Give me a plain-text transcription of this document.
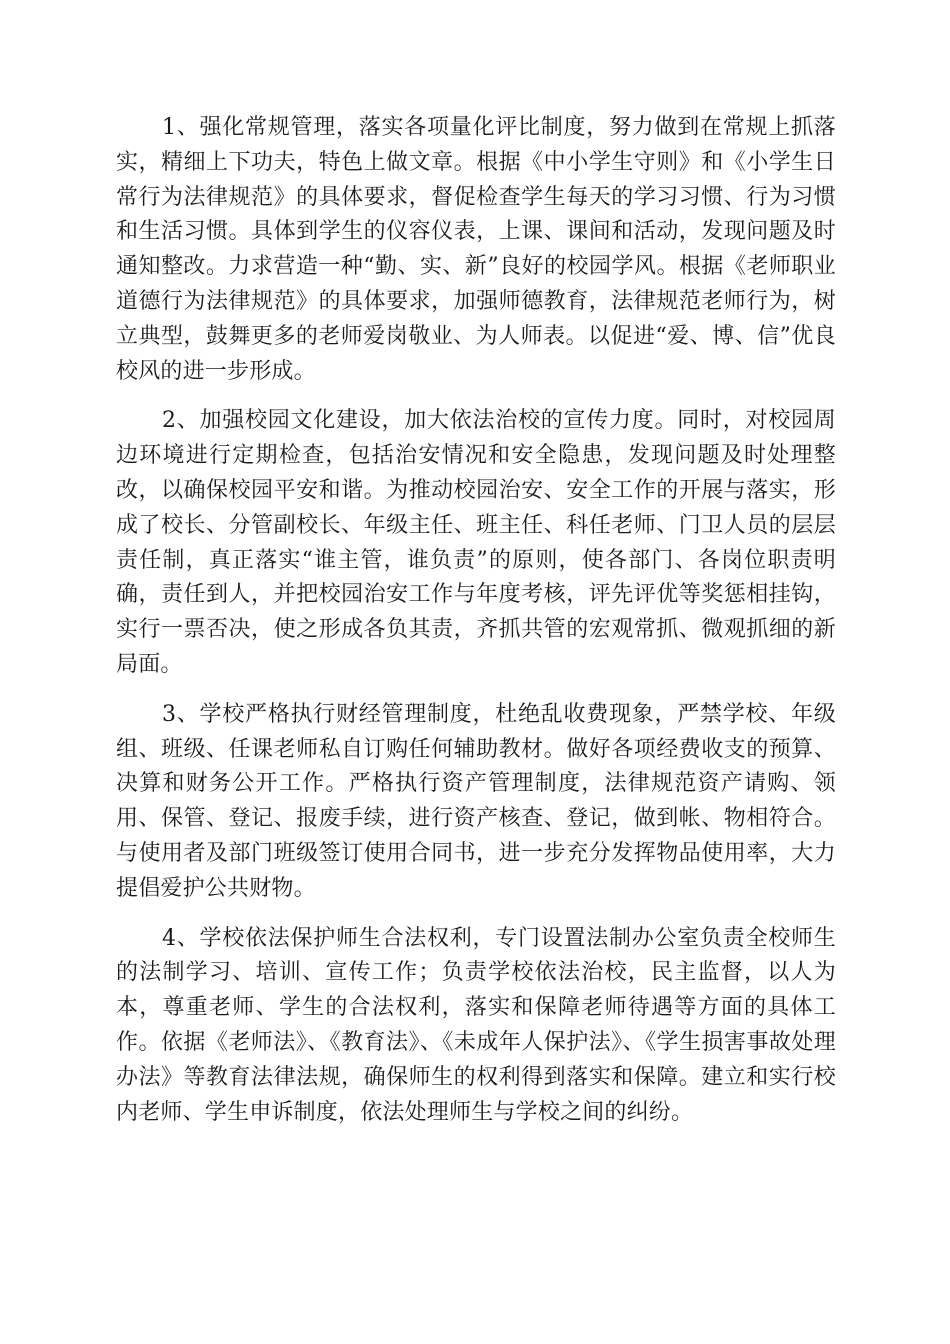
1、强化常规管理，落实各项量化评比制度，努力做到在常规上抓落实，精细上下功夫，特色上做文章。根据《中小学生守则》和《小学生日常行为法律规范》的具体要求，督促检查学生每天的学习习惯、行为习惯和生活习惯。具体到学生的仪容仪表，上课、课间和活动，发现问题及时通知整改。力求营造一种“勤、实、新”良好的校园学风。根据《老师职业道德行为法律规范》的具体要求，加强师德教育，法律规范老师行为，树立典型，鼓舞更多的老师爱岗敬业、为人师表。以促进“爱、博、信”优良校风的进一步形成。

2、加强校园文化建设，加大依法治校的宣传力度。同时，对校园周边环境进行定期检查，包括治安情况和安全隐患，发现问题及时处理整改，以确保校园平安和谐。为推动校园治安、安全工作的开展与落实，形成了校长、分管副校长、年级主任、班主任、科任老师、门卫人员的层层责任制，真正落实“谁主管，谁负责”的原则，使各部门、各岗位职责明确，责任到人，并把校园治安工作与年度考核，评先评优等奖惩相挂钩，实行一票否决，使之形成各负其责，齐抓共管的宏观常抓、微观抓细的新局面。

3、学校严格执行财经管理制度，杜绝乱收费现象，严禁学校、年级组、班级、任课老师私自订购任何辅助教材。做好各项经费收支的预算、决算和财务公开工作。严格执行资产管理制度，法律规范资产请购、领用、保管、登记、报废手续，进行资产核查、登记，做到帐、物相符合。与使用者及部门班级签订使用合同书，进一步充分发挥物品使用率，大力提倡爱护公共财物。

4、学校依法保护师生合法权利，专门设置法制办公室负责全校师生的法制学习、培训、宣传工作；负责学校依法治校，民主监督，以人为本，尊重老师、学生的合法权利，落实和保障老师待遇等方面的具体工作。依据《老师法》、《教育法》、《未成年人保护法》、《学生损害事故处理办法》等教育法律法规，确保师生的权利得到落实和保障。建立和实行校内老师、学生申诉制度，依法处理师生与学校之间的纠纷。
